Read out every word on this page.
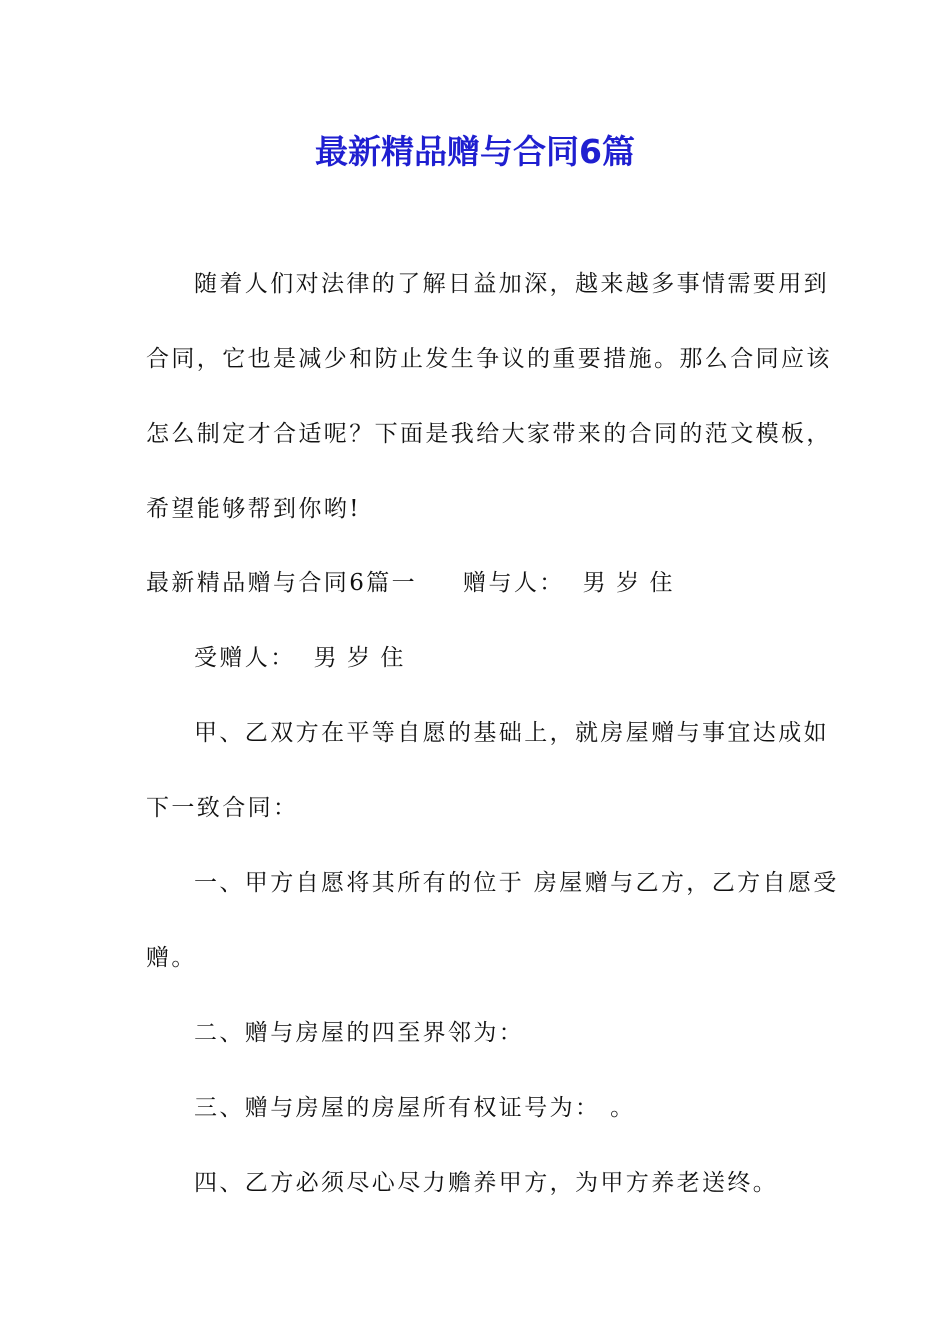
最新精品赠与合同6篇

随着人们对法律的了解日益加深，越来越多事情需要用到

合同，它也是减少和防止发生争议的重要措施。那么合同应该

怎么制定才合适呢？下面是我给大家带来的合同的范文模板，

希望能够帮到你哟!

最新精品赠与合同6篇一 赠与人： 男 岁 住

受赠人： 男 岁 住

甲、乙双方在平等自愿的基础上，就房屋赠与事宜达成如

下一致合同：

一、甲方自愿将其所有的位于 房屋赠与乙方，乙方自愿受

赠。

二、赠与房屋的四至界邻为：

三、赠与房屋的房屋所有权证号为： 。

四、乙方必须尽心尽力赡养甲方，为甲方养老送终。
